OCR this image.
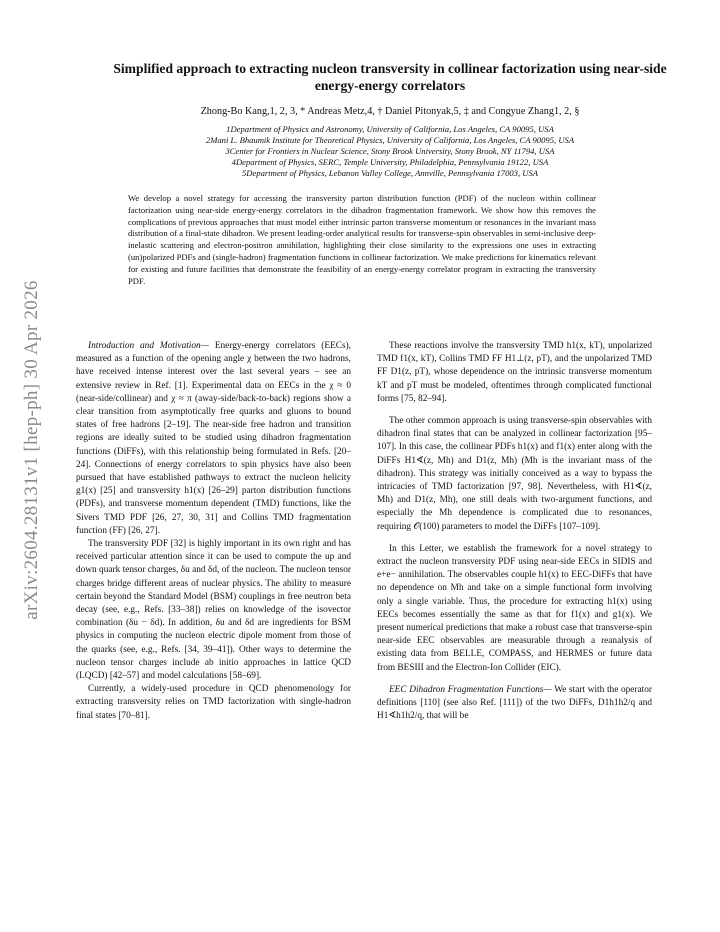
arXiv:2604.28131v1 [hep-ph] 30 Apr 2026
Simplified approach to extracting nucleon transversity in collinear factorization using near-side energy-energy correlators
Zhong-Bo Kang,1, 2, 3, * Andreas Metz,4, † Daniel Pitonyak,5, ‡ and Congyue Zhang1, 2, §
1Department of Physics and Astronomy, University of California, Los Angeles, CA 90095, USA
2Mani L. Bhaumik Institute for Theoretical Physics, University of California, Los Angeles, CA 90095, USA
3Center for Frontiers in Nuclear Science, Stony Brook University, Stony Brook, NY 11794, USA
4Department of Physics, SERC, Temple University, Philadelphia, Pennsylvania 19122, USA
5Department of Physics, Lebanon Valley College, Annville, Pennsylvania 17003, USA
We develop a novel strategy for accessing the transversity parton distribution function (PDF) of the nucleon within collinear factorization using near-side energy-energy correlators in the dihadron fragmentation framework. We show how this removes the complications of previous approaches that must model either intrinsic parton transverse momentum or resonances in the invariant mass distribution of a final-state dihadron. We present leading-order analytical results for transverse-spin observables in semi-inclusive deep-inelastic scattering and electron-positron annihilation, highlighting their close similarity to the expressions one uses in extracting (un)polarized PDFs and (single-hadron) fragmentation functions in collinear factorization. We make predictions for kinematics relevant for existing and future facilities that demonstrate the feasibility of an energy-energy correlator program in extracting the transversity PDF.

Introduction and Motivation— Energy-energy correlators (EECs), measured as a function of the opening angle χ between the two hadrons, have received intense interest over the last several years – see an extensive review in Ref. [1]. Experimental data on EECs in the χ ≈ 0 (near-side/collinear) and χ ≈ π (away-side/back-to-back) regions show a clear transition from asymptotically free quarks and gluons to bound states of free hadrons [2–19]. The near-side free hadron and transition regions are ideally suited to be studied using dihadron fragmentation functions (DiFFs), with this relationship being formulated in Refs. [20–24]. Connections of energy correlators to spin physics have also been pursued that have established pathways to extract the nucleon helicity g1(x) [25] and transversity h1(x) [26–29] parton distribution functions (PDFs), and transverse momentum dependent (TMD) functions, like the Sivers TMD PDF [26, 27, 30, 31] and Collins TMD fragmentation function (FF) [26, 27].

The transversity PDF [32] is highly important in its own right and has received particular attention since it can be used to compute the up and down quark tensor charges, δu and δd, of the nucleon. The nucleon tensor charges bridge different areas of nuclear physics. The ability to measure certain beyond the Standard Model (BSM) couplings in free neutron beta decay (see, e.g., Refs. [33–38]) relies on knowledge of the isovector combination (δu − δd). In addition, δu and δd are ingredients for BSM physics in computing the nucleon electric dipole moment from those of the quarks (see, e.g., Refs. [34, 39–41]). Other ways to determine the nucleon tensor charges include ab initio approaches in lattice QCD (LQCD) [42–57] and model calculations [58–69].

Currently, a widely-used procedure in QCD phenomenology for extracting transversity relies on TMD factorization with single-hadron final states [70–81].

These reactions involve the transversity TMD h1(x, kT), unpolarized TMD f1(x, kT), Collins TMD FF H1⊥(z, pT), and the unpolarized TMD FF D1(z, pT), whose dependence on the intrinsic transverse momentum kT and pT must be modeled, oftentimes through complicated functional forms [75, 82–94].

The other common approach is using transverse-spin observables with dihadron final states that can be analyzed in collinear factorization [95–107]. In this case, the collinear PDFs h1(x) and f1(x) enter along with the DiFFs H1∢(z, Mh) and D1(z, Mh) (Mh is the invariant mass of the dihadron). This strategy was initially conceived as a way to bypass the intricacies of TMD factorization [97, 98]. Nevertheless, with H1∢(z, Mh) and D1(z, Mh), one still deals with two-argument functions, and especially the Mh dependence is complicated due to resonances, requiring 𝒪(100) parameters to model the DiFFs [107–109].

In this Letter, we establish the framework for a novel strategy to extract the nucleon transversity PDF using near-side EECs in SIDIS and e+e− annihilation. The observables couple h1(x) to EEC-DiFFs that have no dependence on Mh and take on a simple functional form involving only a single variable. Thus, the procedure for extracting h1(x) using EECs becomes essentially the same as that for f1(x) and g1(x). We present numerical predictions that make a robust case that transverse-spin near-side EEC observables are measurable through a reanalysis of existing data from BELLE, COMPASS, and HERMES or future data from BESIII and the Electron-Ion Collider (EIC).

EEC Dihadron Fragmentation Functions— We start with the operator definitions [110] (see also Ref. [111]) of the two DiFFs, D1h1h2/q and H1∢h1h2/q, that will be
